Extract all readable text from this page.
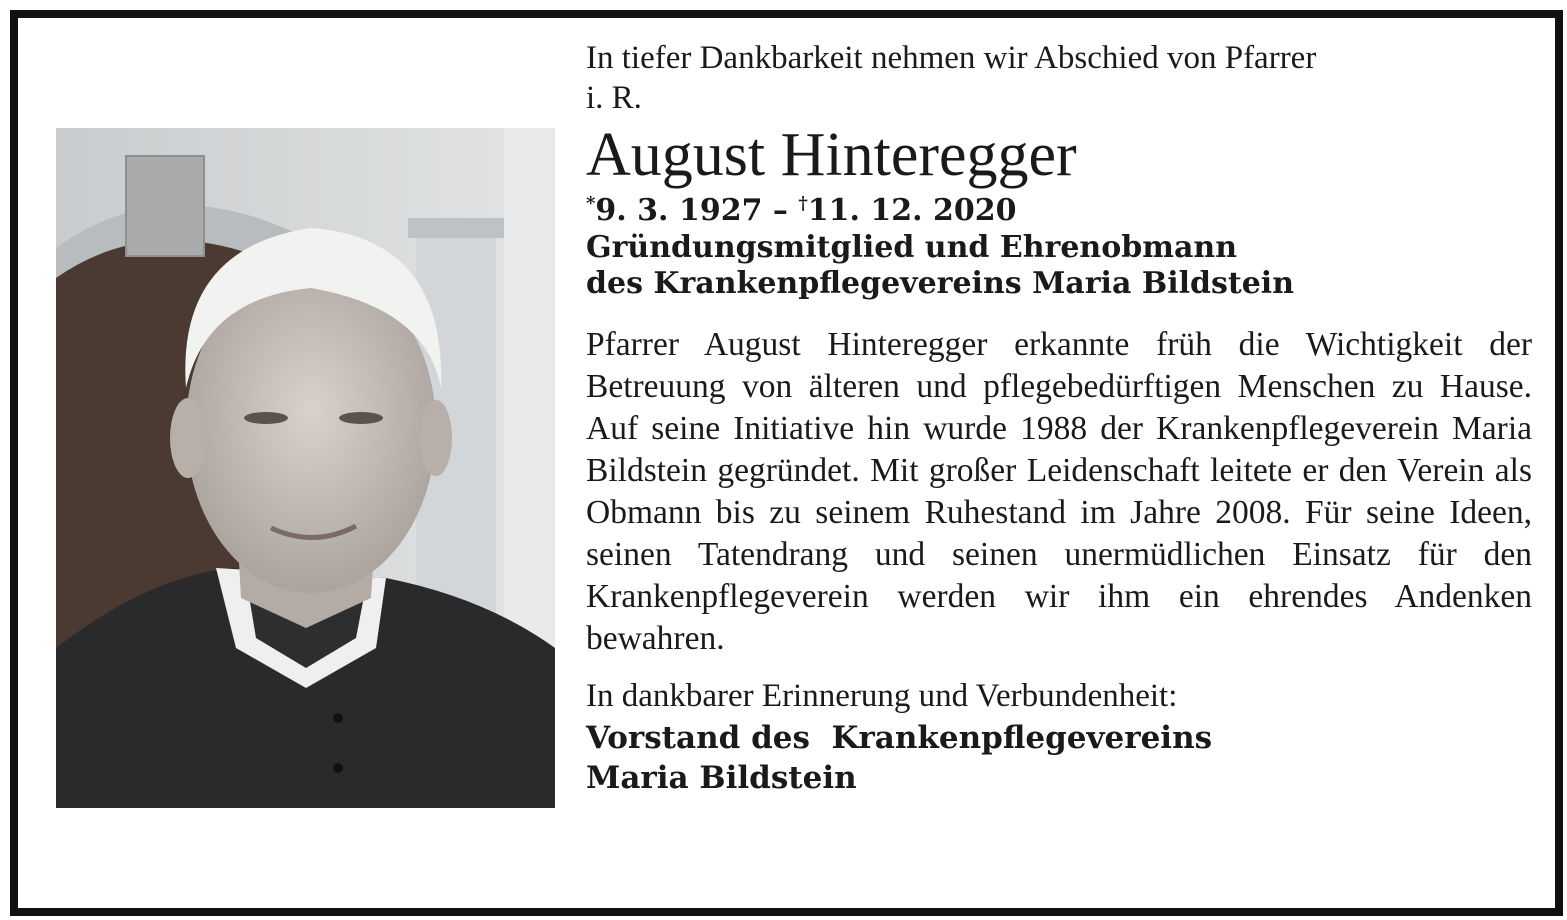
In tiefer Dankbarkeit nehmen wir Abschied von Pfarrer
i. R.

August Hinteregger

*9. 3. 1927 – †11. 12. 2020

Gründungsmitglied und Ehrenobmann
des Krankenpflegevereins Maria Bildstein

Pfarrer August Hinteregger erkannte früh die Wichtigkeit der Betreuung von älteren und pflegebedürftigen Menschen zu Hause. Auf seine Initiative hin wurde 1988 der Krankenpflegeverein Maria Bildstein gegründet. Mit großer Leidenschaft leitete er den Verein als Obmann bis zu seinem Ruhestand im Jahre 2008. Für seine Ideen, seinen Tatendrang und seinen unermüdlichen Einsatz für den Krankenpflegeverein werden wir ihm ein ehrendes Andenken bewahren.

In dankbarer Erinnerung und Verbundenheit:

Vorstand des  Krankenpflegevereins
Maria Bildstein
